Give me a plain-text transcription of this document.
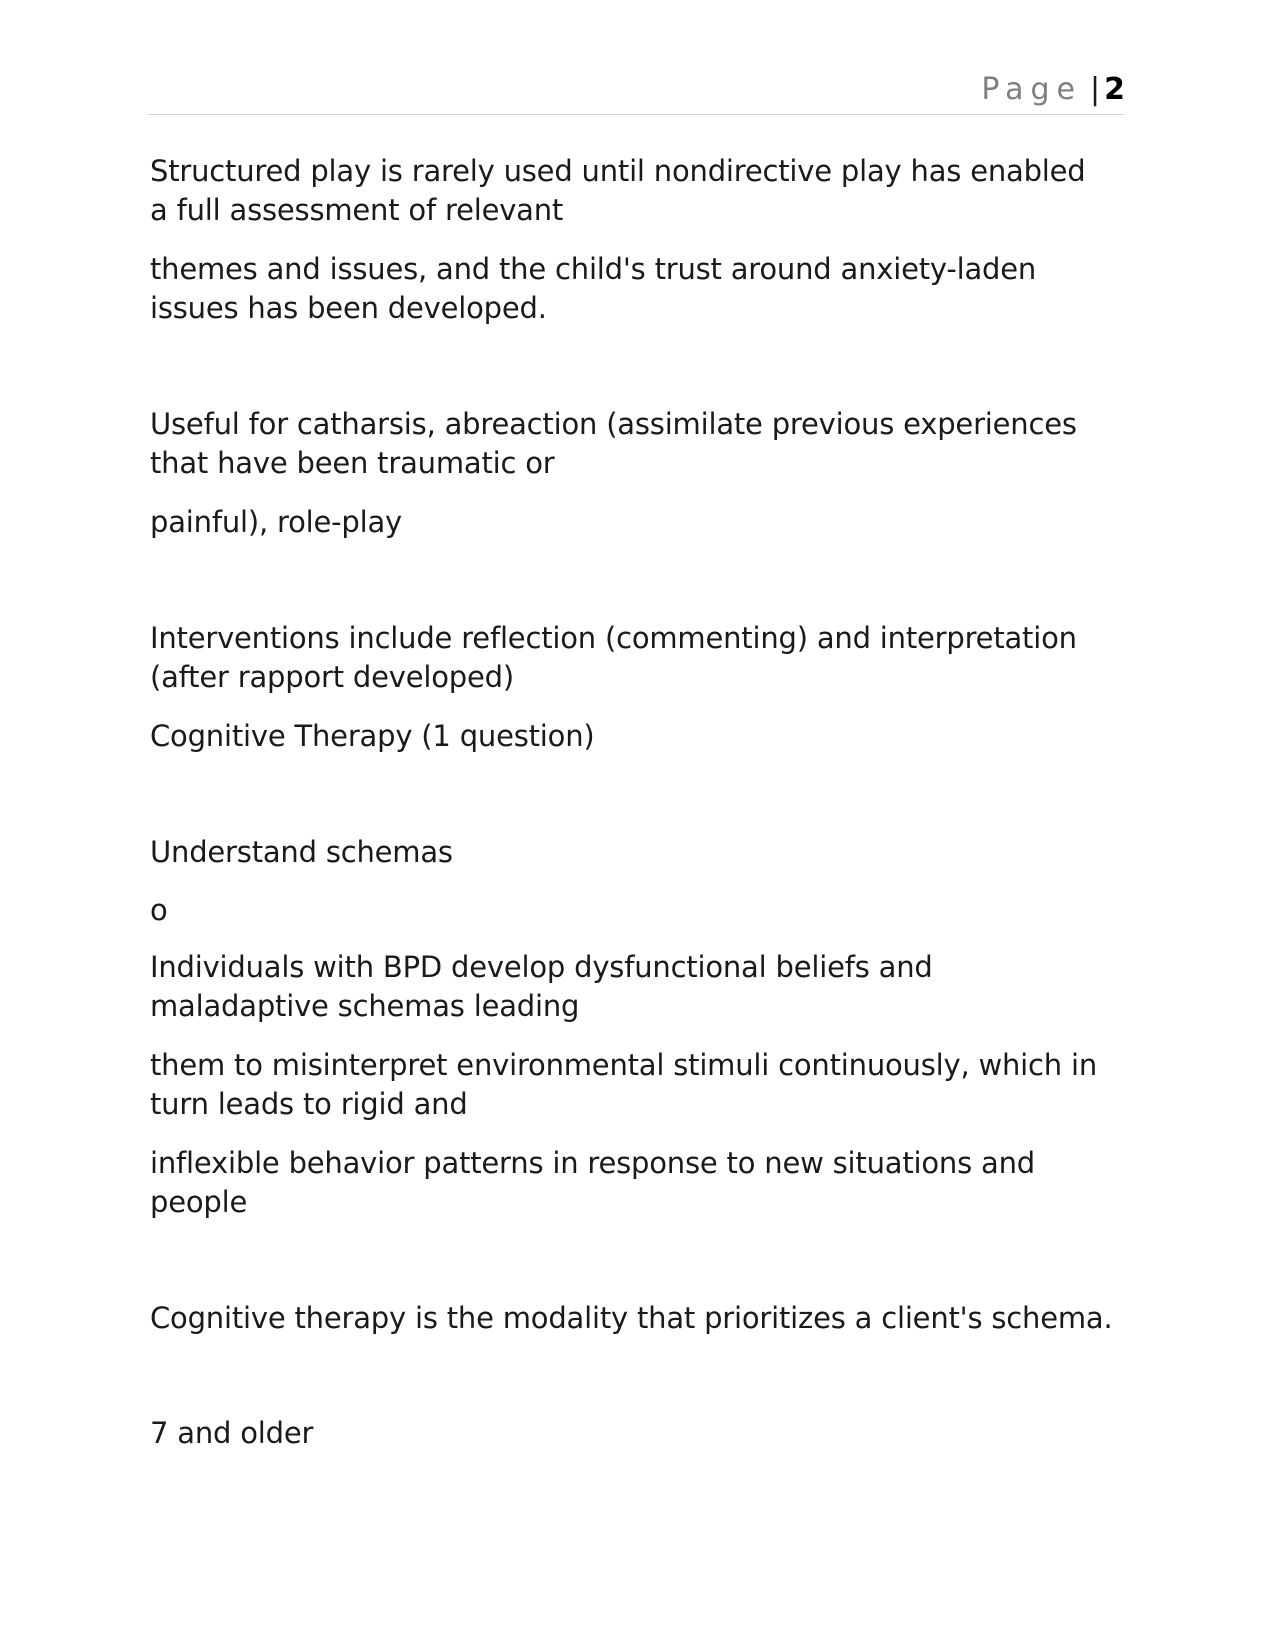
Page | 2

Structured play is rarely used until nondirective play has enabled

a full assessment of relevant

themes and issues, and the child's trust around anxiety-laden

issues has been developed.

Useful for catharsis, abreaction (assimilate previous experiences

that have been traumatic or

painful), role-play

Interventions include reflection (commenting) and interpretation

(after rapport developed)

Cognitive Therapy (1 question)

Understand schemas

o

Individuals with BPD develop dysfunctional beliefs and

maladaptive schemas leading

them to misinterpret environmental stimuli continuously, which in

turn leads to rigid and

inflexible behavior patterns in response to new situations and

people

Cognitive therapy is the modality that prioritizes a client's schema.

7 and older
